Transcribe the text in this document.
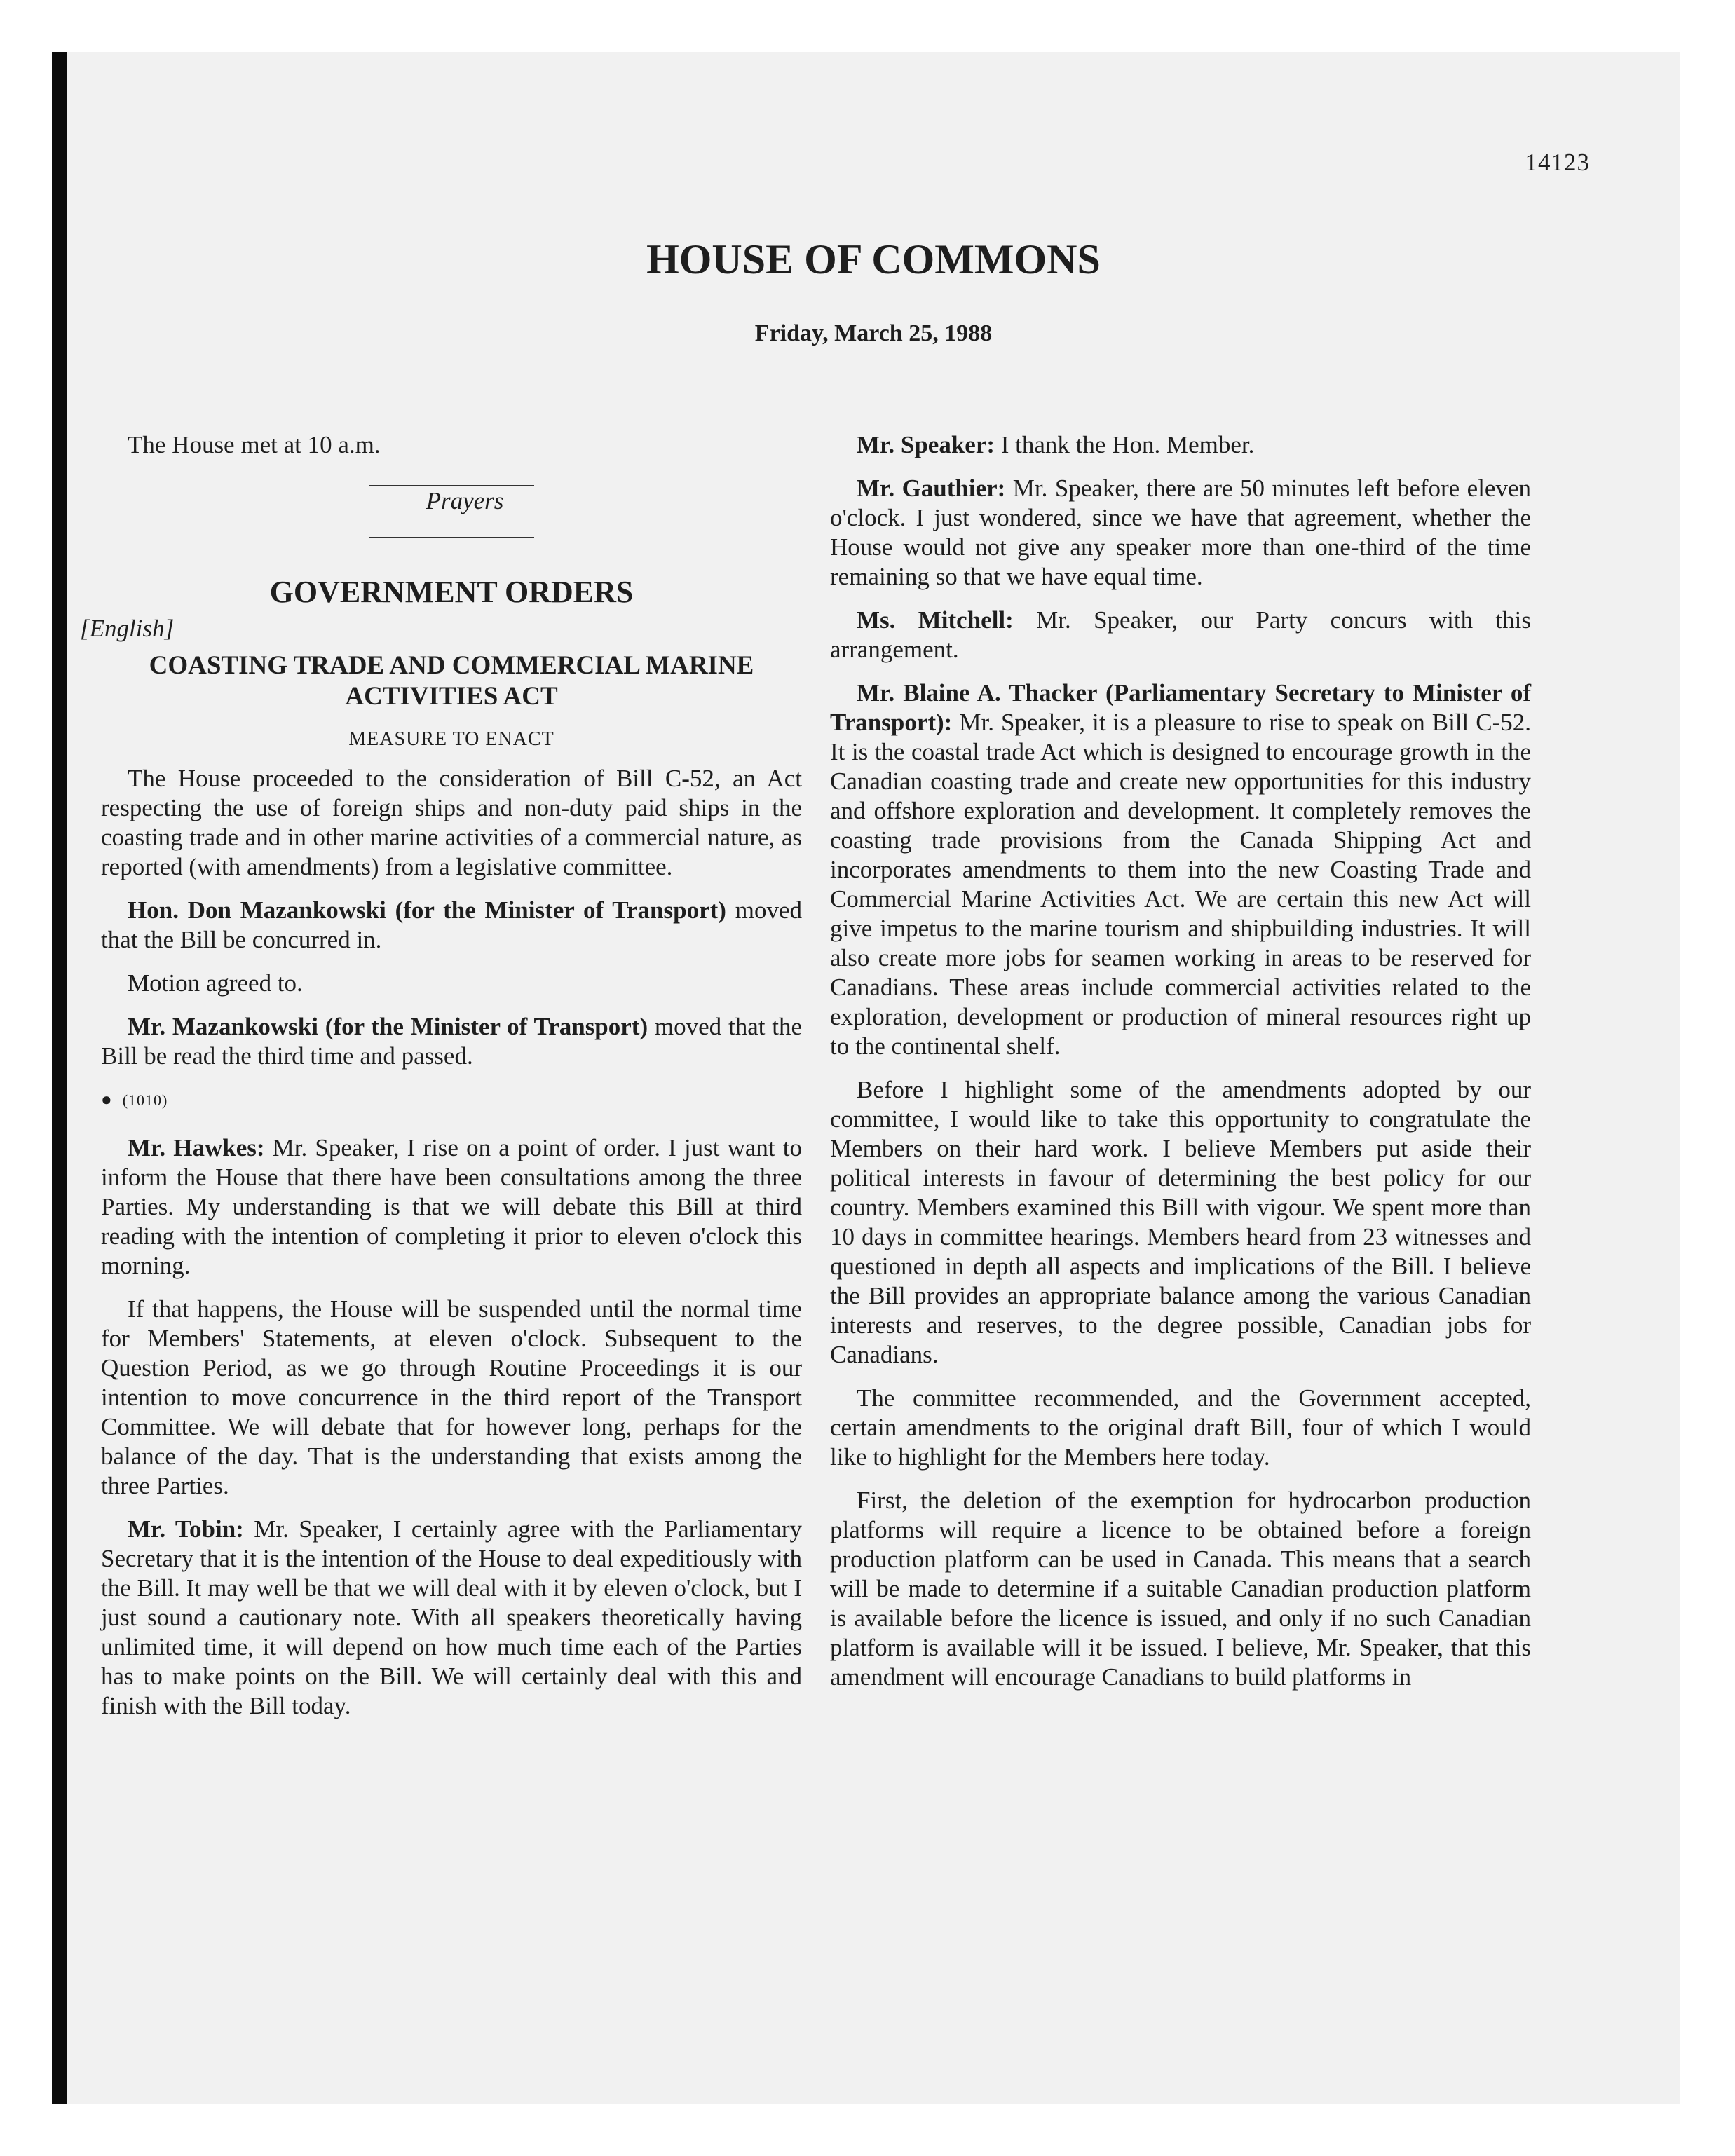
14123
HOUSE OF COMMONS
Friday, March 25, 1988

The House met at 10 a.m.

Prayers

GOVERNMENT ORDERS
[English]
COASTING TRADE AND COMMERCIAL MARINE ACTIVITIES ACT
MEASURE TO ENACT

The House proceeded to the consideration of Bill C-52, an Act respecting the use of foreign ships and non-duty paid ships in the coasting trade and in other marine activities of a commercial nature, as reported (with amendments) from a legislative committee.

Hon. Don Mazankowski (for the Minister of Transport) moved that the Bill be concurred in.

Motion agreed to.

Mr. Mazankowski (for the Minister of Transport) moved that the Bill be read the third time and passed.

● (1010)

Mr. Hawkes: Mr. Speaker, I rise on a point of order. I just want to inform the House that there have been consultations among the three Parties. My understanding is that we will debate this Bill at third reading with the intention of completing it prior to eleven o'clock this morning.

If that happens, the House will be suspended until the normal time for Members' Statements, at eleven o'clock. Subsequent to the Question Period, as we go through Routine Proceedings it is our intention to move concurrence in the third report of the Transport Committee. We will debate that for however long, perhaps for the balance of the day. That is the understanding that exists among the three Parties.

Mr. Tobin: Mr. Speaker, I certainly agree with the Parliamentary Secretary that it is the intention of the House to deal expeditiously with the Bill. It may well be that we will deal with it by eleven o'clock, but I just sound a cautionary note. With all speakers theoretically having unlimited time, it will depend on how much time each of the Parties has to make points on the Bill. We will certainly deal with this and finish with the Bill today.

Mr. Speaker: I thank the Hon. Member.

Mr. Gauthier: Mr. Speaker, there are 50 minutes left before eleven o'clock. I just wondered, since we have that agreement, whether the House would not give any speaker more than one-third of the time remaining so that we have equal time.

Ms. Mitchell: Mr. Speaker, our Party concurs with this arrangement.

Mr. Blaine A. Thacker (Parliamentary Secretary to Minister of Transport): Mr. Speaker, it is a pleasure to rise to speak on Bill C-52. It is the coastal trade Act which is designed to encourage growth in the Canadian coasting trade and create new opportunities for this industry and offshore exploration and development. It completely removes the coasting trade provisions from the Canada Shipping Act and incorporates amendments to them into the new Coasting Trade and Commercial Marine Activities Act. We are certain this new Act will give impetus to the marine tourism and shipbuilding industries. It will also create more jobs for seamen working in areas to be reserved for Canadians. These areas include commercial activities related to the exploration, development or production of mineral resources right up to the continental shelf.

Before I highlight some of the amendments adopted by our committee, I would like to take this opportunity to congratulate the Members on their hard work. I believe Members put aside their political interests in favour of determining the best policy for our country. Members examined this Bill with vigour. We spent more than 10 days in committee hearings. Members heard from 23 witnesses and questioned in depth all aspects and implications of the Bill. I believe the Bill provides an appropriate balance among the various Canadian interests and reserves, to the degree possible, Canadian jobs for Canadians.

The committee recommended, and the Government accepted, certain amendments to the original draft Bill, four of which I would like to highlight for the Members here today.

First, the deletion of the exemption for hydrocarbon production platforms will require a licence to be obtained before a foreign production platform can be used in Canada. This means that a search will be made to determine if a suitable Canadian production platform is available before the licence is issued, and only if no such Canadian platform is available will it be issued. I believe, Mr. Speaker, that this amendment will encourage Canadians to build platforms in
